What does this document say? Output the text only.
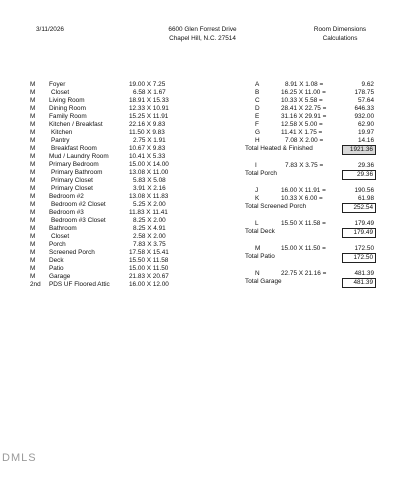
3/11/2026	6600 Glen Forrest Drive
Chapel Hill, N.C. 27514
Room Dimensions
Calculations
M Foyer	19.00 X 7.25
M	Closet	6.58 X 1.67
M Living Room	18.91 X 15.33
M Dining Room	12.33 X 10.91
M Family Room	15.25 X 11.91
M Kitchen / Breakfast	22.16 X 9.83
M	Kitchen	11.50 X 9.83
M	Pantry	2.75 X 1.91
M	Breakfast Room	10.67 X 9.83
M Mud / Laundry Room	10.41 X 5.33
M Primary Bedroom	15.00 X 14.00
M	Primary Bathroom	13.08 X 11.00
M	Primary Closet	5.83 X 5.08
M	Primary Closet	3.91 X 2.16
M Bedroom #2	13.08 X 11.83
M	Bedroom #2 Closet	5.25 X 2.00
M Bedroom #3	11.83 X 11.41
M	Bedroom #3 Closet	8.25 X 2.00
M Bathroom	8.25 X 4.91
M	Closet	2.58 X 2.00
M Porch	7.83 X 3.75
M Screened Porch	17.58 X 15.41
M Deck	15.50 X 11.58
M Patio	15.00 X 11.50
M Garage	21.83 X 20.67
2nd PDS UF Floored Attic	16.00 X 12.00
A	8.91 X 1.08 =	9.62
B	16.25 X 11.00 =	178.75
C	10.33 X 5.58 =	57.64
D	28.41 X 22.75 =	646.33
E	31.16 X 29.91 =	932.00
F	12.58 X 5.00 =	62.90
G	11.41 X 1.75 =	19.97
H	7.08 X 2.00 =	14.16
Total Heated & Finished	1921.36
I	7.83 X 3.75 =	29.36
Total Porch	29.36
J	16.00 X 11.91 =	190.56
K	10.33 X 6.00 =	61.98
Total Screened Porch	252.54
L	15.50 X 11.58 =	179.49
Total Deck	179.49
M	15.00 X 11.50 =	172.50
Total Patio	172.50
N	22.75 X 21.16 =	481.39
Total Garage	481.39
DMLS
